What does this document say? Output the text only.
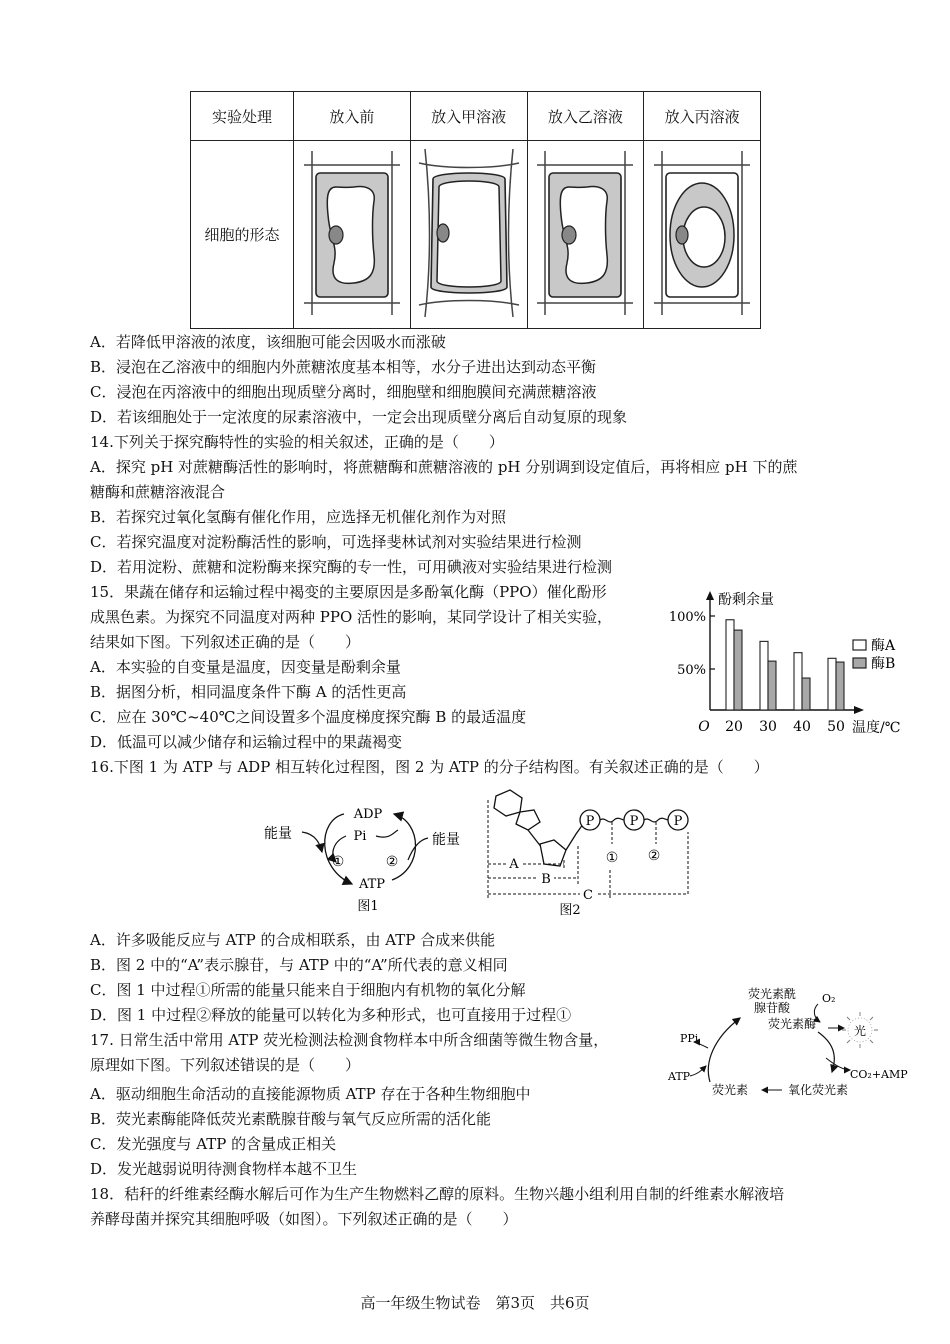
实验处理	放入前	放入甲溶液	放入乙溶液	放入丙溶液
细胞的形态				
A．若降低甲溶液的浓度，该细胞可能会因吸水而涨破
B．浸泡在乙溶液中的细胞内外蔗糖浓度基本相等，水分子进出达到动态平衡
C．浸泡在丙溶液中的细胞出现质壁分离时，细胞壁和细胞膜间充满蔗糖溶液
D．若该细胞处于一定浓度的尿素溶液中，一定会出现质壁分离后自动复原的现象
14.下列关于探究酶特性的实验的相关叙述，正确的是（　　）
A．探究 pH 对蔗糖酶活性的影响时，将蔗糖酶和蔗糖溶液的 pH 分别调到设定值后，再将相应 pH 下的蔗
糖酶和蔗糖溶液混合
B．若探究过氧化氢酶有催化作用，应选择无机催化剂作为对照
C．若探究温度对淀粉酶活性的影响，可选择斐林试剂对实验结果进行检测
D．若用淀粉、蔗糖和淀粉酶来探究酶的专一性，可用碘液对实验结果进行检测
15．果蔬在储存和运输过程中褐变的主要原因是多酚氧化酶（PPO）催化酚形
成黑色素。为探究不同温度对两种 PPO 活性的影响，某同学设计了相关实验，
结果如下图。下列叙述正确的是（　　）
A．本实验的自变量是温度，因变量是酚剩余量
B．据图分析，相同温度条件下酶 A 的活性更高
C．应在 30℃~40℃之间设置多个温度梯度探究酶 B 的最适温度
D．低温可以减少储存和运输过程中的果蔬褐变
酚剩余量
100%
50%
O 20 30 40 50 温度/℃
酶A
酶B
16.下图 1 为 ATP 与 ADP 相互转化过程图，图 2 为 ATP 的分子结构图。有关叙述正确的是（　　）
ADP
Pi
ATP
能量	能量
①	②
图1
P	P	P
① ②
A
B
C
图2
A．许多吸能反应与 ATP 的合成相联系，由 ATP 合成来供能
B．图 2 中的“A”表示腺苷，与 ATP 中的“A”所代表的意义相同
C．图 1 中过程①所需的能量只能来自于细胞内有机物的氧化分解
D．图 1 中过程②释放的能量可以转化为多种形式，也可直接用于过程①
17. 日常生活中常用 ATP 荧光检测法检测食物样本中所含细菌等微生物含量，
原理如下图。下列叙述错误的是（　　）
A．驱动细胞生命活动的直接能源物质 ATP 存在于各种生物细胞中
B．荧光素酶能降低荧光素酰腺苷酸与氧气反应所需的活化能
C．发光强度与 ATP 的含量成正相关
D．发光越弱说明待测食物样本越不卫生
荧光素酰
腺苷酸
荧光素酶
O₂
光
CO₂+AMP
氧化荧光素
荧光素
PPi
ATP
18．秸秆的纤维素经酶水解后可作为生产生物燃料乙醇的原料。生物兴趣小组利用自制的纤维素水解液培
养酵母菌并探究其细胞呼吸（如图）。下列叙述正确的是（　　）
高一年级生物试卷　第3页　共6页
